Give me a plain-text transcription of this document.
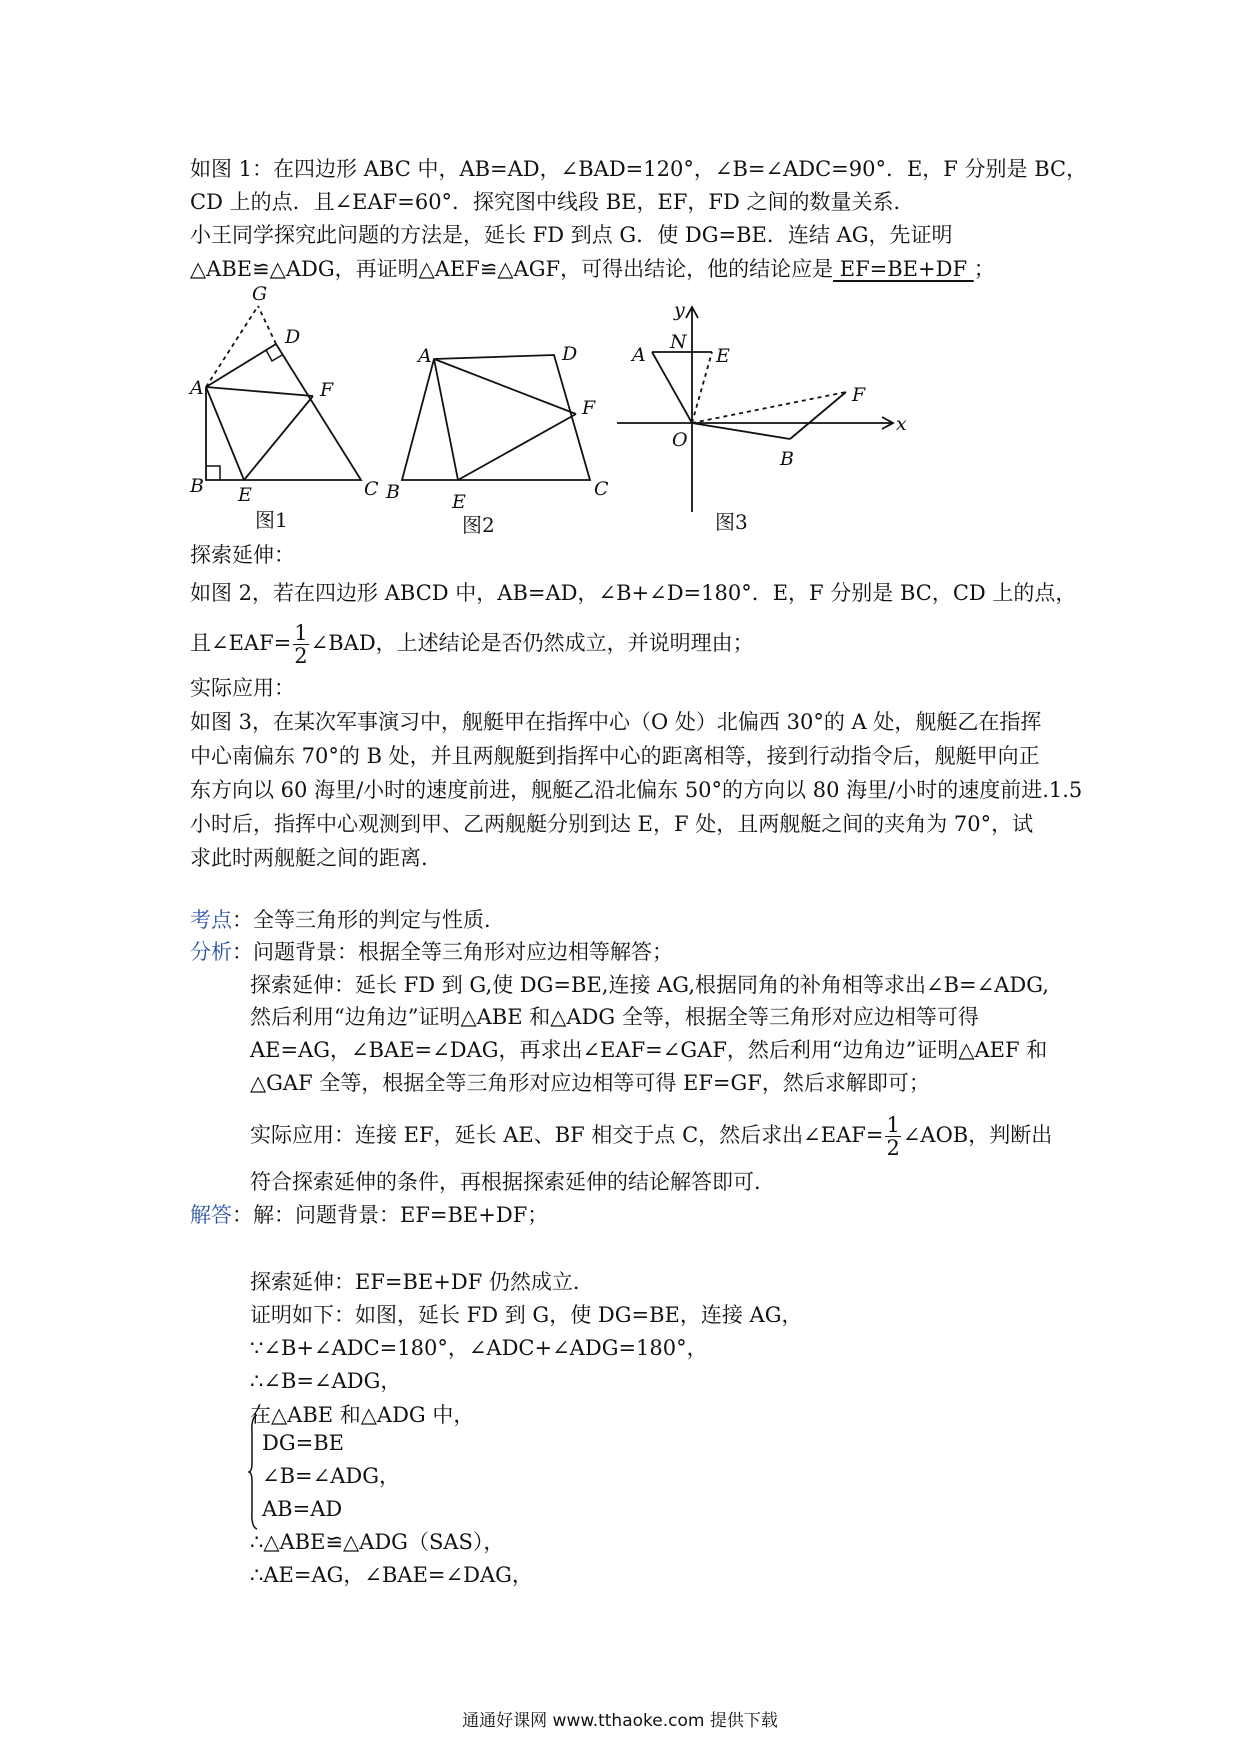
如图 1：在四边形 ABC 中，AB=AD，∠BAD=120°，∠B=∠ADC=90°．E，F 分别是 BC，
CD 上的点．且∠EAF=60°．探究图中线段 BE，EF，FD 之间的数量关系．
小王同学探究此问题的方法是，延长 FD 到点 G．使 DG=BE．连结 AG，先证明
△ABE≌△ADG，再证明△AEF≌△AGF，可得出结论，他的结论应是 EF=BE+DF ；
G
D
A	F
B E	C
图1
A	D
F
B	E
C
图2
y
N
A	E
F
O
x
B
图3
探索延伸：
如图 2，若在四边形 ABCD 中，AB=AD，∠B+∠D=180°．E，F 分别是 BC，CD 上的点，
且∠EAF= $\frac{1}{2}$ ∠BAD，上述结论是否仍然成立，并说明理由；
实际应用：
如图 3，在某次军事演习中，舰艇甲在指挥中心（O 处）北偏西 30°的 A 处，舰艇乙在指挥
中心南偏东 70°的 B 处，并且两舰艇到指挥中心的距离相等，接到行动指令后，舰艇甲向正
东方向以 60 海里/小时的速度前进，舰艇乙沿北偏东 50°的方向以 80 海里/小时的速度前进.1.5
小时后，指挥中心观测到甲、乙两舰艇分别到达 E，F 处，且两舰艇之间的夹角为 70°，试
求此时两舰艇之间的距离.
考点：全等三角形的判定与性质．
分析：问题背景：根据全等三角形对应边相等解答；
探索延伸：延长 FD 到 G,使 DG=BE,连接 AG,根据同角的补角相等求出∠B=∠ADG,
然后利用“边角边”证明△ABE 和△ADG 全等，根据全等三角形对应边相等可得
AE=AG，∠BAE=∠DAG，再求出∠EAF=∠GAF，然后利用“边角边”证明△AEF 和
△GAF 全等，根据全等三角形对应边相等可得 EF=GF，然后求解即可；
实际应用：连接 EF，延长 AE、BF 相交于点 C，然后求出∠EAF= $\frac{1}{2}$ ∠AOB，判断出
符合探索延伸的条件，再根据探索延伸的结论解答即可.
解答：解：问题背景：EF=BE+DF；
探索延伸：EF=BE+DF 仍然成立．
证明如下：如图，延长 FD 到 G，使 DG=BE，连接 AG，
∵∠B+∠ADC=180°，∠ADC+∠ADG=180°，
∴∠B=∠ADG，
在△ABE 和△ADG 中，
DG=BE
∠B=∠ADG，
AB=AD
∴△ABE≌△ADG（SAS），
∴AE=AG，∠BAE=∠DAG，
通通好课网 www.tthaoke.com 提供下载
